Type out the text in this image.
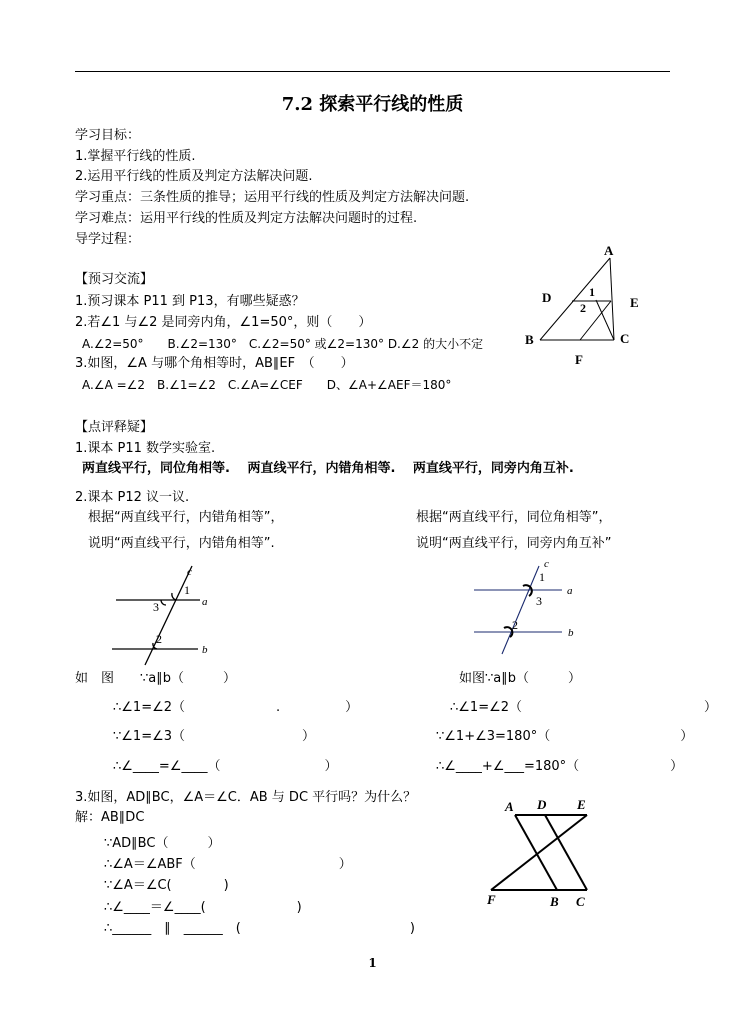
7.2 探索平行线的性质
学习目标：
1.掌握平行线的性质.
2.运用平行线的性质及判定方法解决问题.
学习重点：三条性质的推导；运用平行线的性质及判定方法解决问题.
学习难点：运用平行线的性质及判定方法解决问题时的过程.
导学过程：
【预习交流】
1.预习课本 P11 到 P13，有哪些疑惑？
2.若∠1 与∠2 是同旁内角，∠1=50°，则（　　）
A.∠2=50°　　B.∠2=130°　C.∠2=50° 或∠2=130° D.∠2 的大小不定
3.如图，∠A 与哪个角相等时，AB∥EF　（　　）
A.∠A =∠2　B.∠1=∠2　C.∠A=∠CEF　　D、∠A+∠AEF＝180°
A
D	E
B	C
F
1
2
【点评释疑】
1.课本 P11 数学实验室.
两直线平行，同位角相等.　 两直线平行，内错角相等.　 两直线平行，同旁内角互补.
2.课本 P12 议一议.
根据“两直线平行，内错角相等”，	根据“两直线平行，同位角相等”，
说明“两直线平行，内错角相等”.	说明“两直线平行，同旁内角互补”
c
1
a
3
2
b
c
1
a
3
2
b
如　图　　∵a∥b（　　　）	如图∵a∥b（　　　）
∴∠1=∠2（　　　　　　　.　　　　　）	∴∠1=∠2（　　　　　　　　　　　　　　）
∵∠1=∠3（　　　　　　　　　）	∵∠1+∠3=180°（　　　　　　　　　　）
∴∠____=∠____（　　　　　　　　）	∴∠____+∠___=180°（　　　　　　　）
3.如图，AD∥BC，∠A＝∠C．AB 与 DC 平行吗？为什么？
解：AB∥DC
∵AD∥BC（　　　）
∴∠A＝∠ABF（　　　　　　　　　　　）
∵∠A＝∠C(　　　　)
∴∠____＝∠____(　　　　　　　)
∴______　∥　______　(　　　　　　　　　　　　　)
A D E
F	B C
1
